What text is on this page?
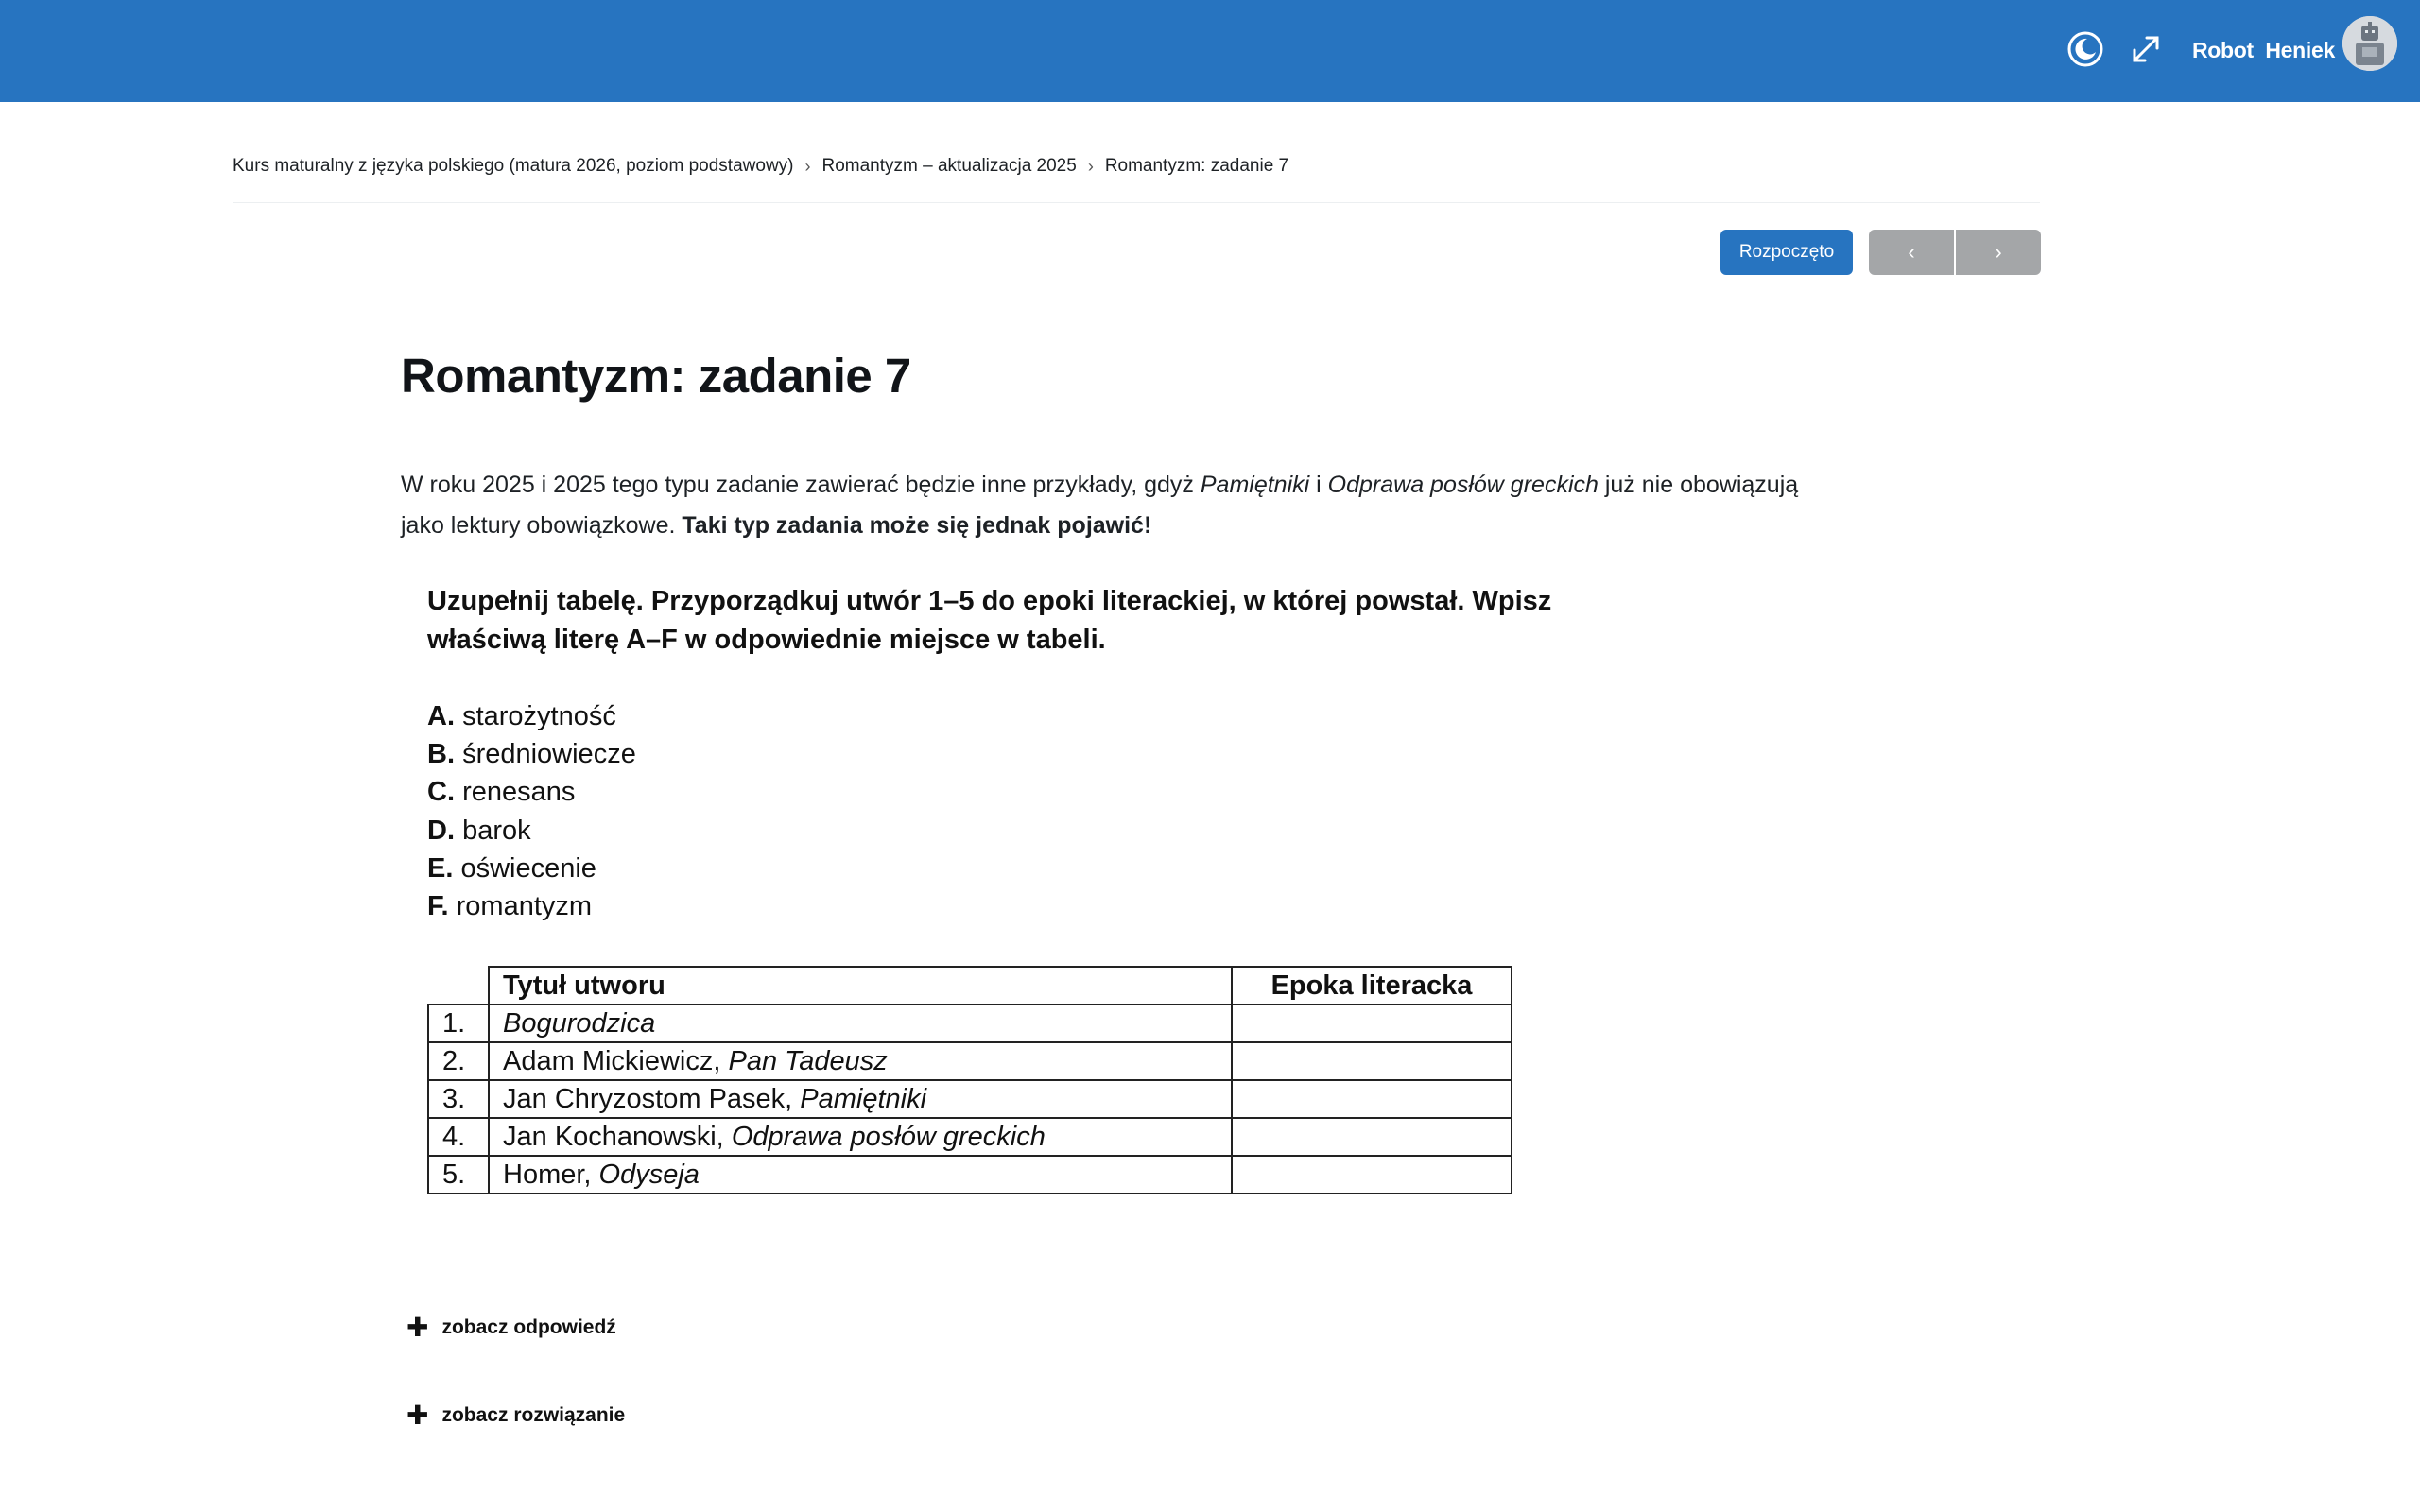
Robot_Heniek
Kurs maturalny z języka polskiego (matura 2026, poziom podstawowy) › Romantyzm – aktualizacja 2025 › Romantyzm: zadanie 7
Rozpoczęto	‹	›
Romantyzm: zadanie 7

W roku 2025 i 2025 tego typu zadanie zawierać będzie inne przykłady, gdyż Pamiętniki i Odprawa posłów greckich już nie obowiązują
jako lektury obowiązkowe. Taki typ zadania może się jednak pojawić!

Uzupełnij tabelę. Przyporządkuj utwór 1–5 do epoki literackiej, w której powstał. Wpisz
właściwą literę A–F w odpowiednie miejsce w tabeli.
A. starożytność
B. średniowiecze
C. renesans
D. barok
E. oświecenie
F. romantyzm
	Tytuł utworu	Epoka literacka
1.	Bogurodzica	
2.	Adam Mickiewicz, Pan Tadeusz	
3.	Jan Chryzostom Pasek, Pamiętniki	
4.	Jan Kochanowski, Odprawa posłów greckich	
5.	Homer, Odyseja	
✚ zobacz odpowiedź
✚ zobacz rozwiązanie
